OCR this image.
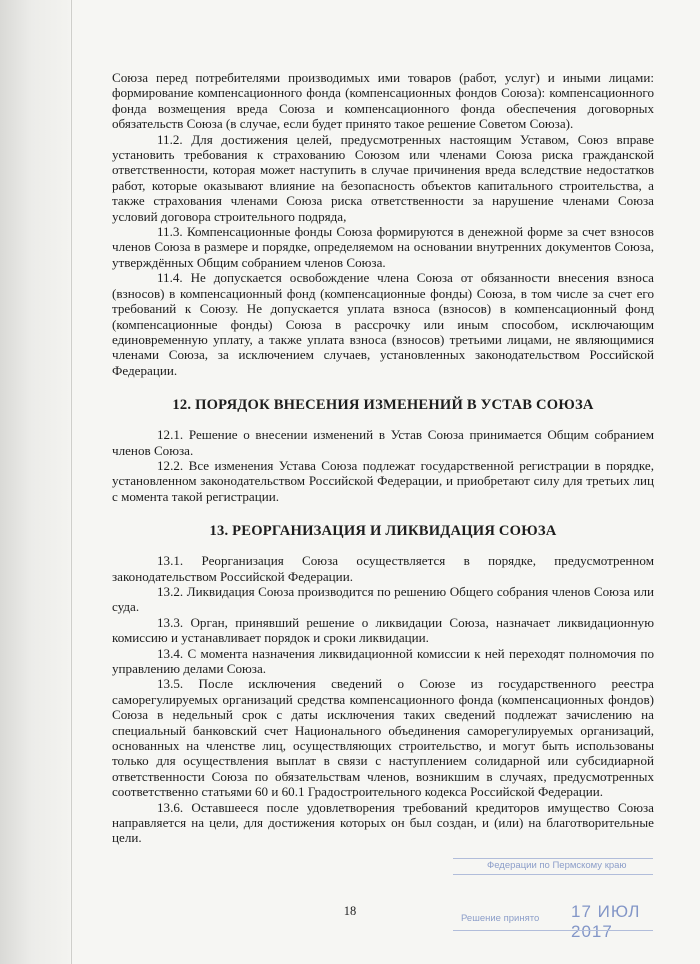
Союза перед потребителями производимых ими товаров (работ, услуг) и иными лицами: формирование компенсационного фонда (компенсационных фондов Союза): компенсационного фонда возмещения вреда Союза и компенсационного фонда обеспечения договорных обязательств Союза (в случае, если будет принято такое решение Советом Союза).

11.2. Для достижения целей, предусмотренных настоящим Уставом, Союз вправе установить требования к страхованию Союзом или членами Союза риска гражданской ответственности, которая может наступить в случае причинения вреда вследствие недостатков работ, которые оказывают влияние на безопасность объектов капитального строительства, а также страхования членами Союза риска ответственности за нарушение членами Союза условий договора строительного подряда,

11.3. Компенсационные фонды Союза формируются в денежной форме за счет взносов членов Союза в размере и порядке, определяемом на основании внутренних документов Союза, утверждённых Общим собранием членов Союза.

11.4. Не допускается освобождение члена Союза от обязанности внесения взноса (взносов) в компенсационный фонд (компенсационные фонды) Союза, в том числе за счет его требований к Союзу. Не допускается уплата взноса (взносов) в компенсационный фонд (компенсационные фонды) Союза в рассрочку или иным способом, исключающим единовременную уплату, а также уплата взноса (взносов) третьими лицами, не являющимися членами Союза, за исключением случаев, установленных законодательством Российской Федерации.

12. ПОРЯДОК ВНЕСЕНИЯ ИЗМЕНЕНИЙ В УСТАВ СОЮЗА

12.1. Решение о внесении изменений в Устав Союза принимается Общим собранием членов Союза.

12.2. Все изменения Устава Союза подлежат государственной регистрации в порядке, установленном законодательством Российской Федерации, и приобретают силу для третьих лиц с момента такой регистрации.

13. РЕОРГАНИЗАЦИЯ И ЛИКВИДАЦИЯ СОЮЗА

13.1. Реорганизация Союза осуществляется в порядке, предусмотренном законодательством Российской Федерации.

13.2. Ликвидация Союза производится по решению Общего собрания членов Союза или суда.

13.3. Орган, принявший решение о ликвидации Союза, назначает ликвидационную комиссию и устанавливает порядок и сроки ликвидации.

13.4. С момента назначения ликвидационной комиссии к ней переходят полномочия по управлению делами Союза.

13.5. После исключения сведений о Союзе из государственного реестра саморегулируемых организаций средства компенсационного фонда (компенсационных фондов) Союза в недельный срок с даты исключения таких сведений подлежат зачислению на специальный банковский счет Национального объединения саморегулируемых организаций, основанных на членстве лиц, осуществляющих строительство, и могут быть использованы только для осуществления выплат в связи с наступлением солидарной или субсидиарной ответственности Союза по обязательствам членов, возникшим в случаях, предусмотренных соответственно статьями 60 и 60.1 Градостроительного кодекса Российской Федерации.

13.6. Оставшееся после удовлетворения требований кредиторов имущество Союза направляется на цели, для достижения которых он был создан, и (или) на благотворительные цели.

18
Федерации по Пермскому краю
17 ИЮЛ 2017
Решение принято
